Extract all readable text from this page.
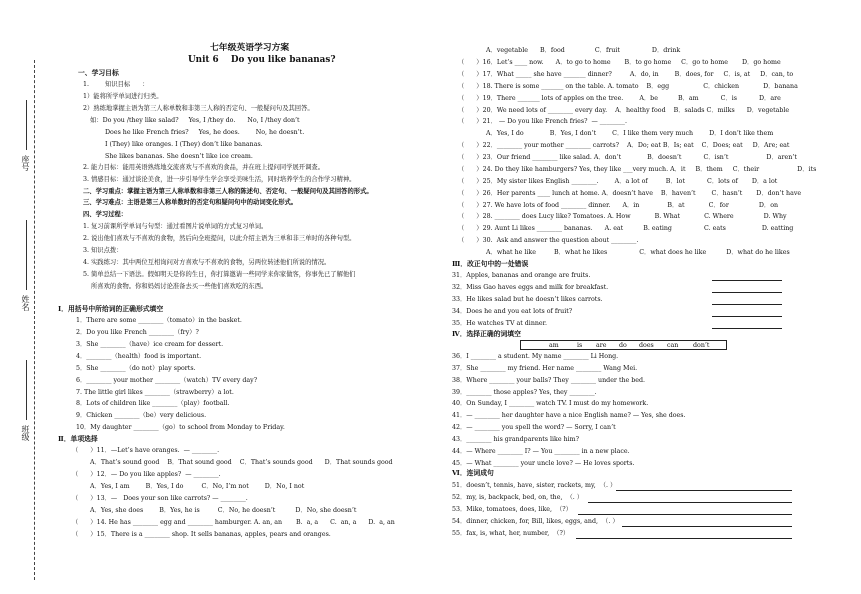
座号
姓名
班级
七年级英语学习方案
Unit 6    Do you like bananas?
一、学习目标
1.        知识目标      ：
1）能将所学单词进行归类。
2）熟练地掌握主语为第三人称单数和非第三人称的否定句、一般疑问句及其回答。
如：Do you /they like salad?     Yes, I /they do.      No, I /they don’t
Does he like French fries?     Yes, he does.        No, he doesn’t.
I (They) like oranges. I (They) don’t like bananas.
She likes bananas. She doesn’t like ice cream.
2. 能力目标：能用英语熟练地交流喜欢与不喜欢的食品，并在班上提问同学展开调查。
3. 情感目标：通过谈论美食，进一步引导学生学会享受美味生活，同时培养学生的合作学习精神。
二、学习重点：掌握主语为第三人称单数和非第三人称的陈述句、否定句、一般疑问句及其回答的形式。
三、学习难点：主语是第三人称单数时的否定句和疑问句中的动词变化形式。
四、学习过程：
1. 复习前课所学单词与句型：通过看图片说单词的方式复习单词。
2. 说出他们喜欢与不喜欢的食物，然后向全班提问，以此介绍主语为三单和非三单时的各种句型。
3. 知识点拨：
4. 实践练习：其中两位互相询问对方喜欢与不喜欢的食物，另两位转述他们所说的情况。
5. 简单总结一下语法。假如明天是你的生日，你打算邀请一些同学来你家做客，你事先已了解他们
所喜欢的食物。你和妈妈讨论准备去买一些他们喜欢吃的东西。
Ⅰ．用括号中所给词的正确形式填空
1．There are some ________（tomato）in the basket.
2．Do you like French ________（fry）?
3．She ________（have）ice cream for dessert.
4．________（health）food is important.
5．She ________（do not）play sports.
6．________ your mother ________（watch）TV every day?
7. The little girl likes ________（strawberry）a lot.
8．Lots of children like ________（play）football.
9．Chicken ________（be）very delicious.
10．My daughter ________（go）to school from Monday to Friday.
Ⅱ．单项选择
（      ）11．—Let’s have oranges.  — ________.
A．That’s sound good    B．That sound good    C．That’s sounds good      D．That sounds good
（      ）12．— Do you like apples?  — ________.
A．Yes, I am        B．Yes, I do         C．No, I’m not        D．No, I not
（      ）13．—   Does your son like carrots? — ________.
A．Yes, she does        B．Yes, he is         C．No, he doesn’t          D．No, she doesn’t
（      ）14. He has ________ egg and ________ hamburger. A. an, an       B.  a, a      C.  an, a      D.  a, an
（      ）15．There is a ________ shop. It sells bananas, apples, pears and oranges.
A．vegetable      B．food               C．fruit                D．drink
（      ）16．Let’s ____ now.      A．to go to home       B．to go home     C．go to home       D．go home
（      ）17．What _____ she have _______ dinner?         A．do, in        B．does, for     C．is, at     D．can, to
（      ）18. There is some _______ on the table. A. tomato    B．egg                 C．chicken            D．banana
（      ）19．There _______ lots of apples on the tree.        A．be          B．am           C．is           D．are
（      ）20．We need lots of ________ every day.    A．healthy food    B．salads C．milks      D．vegetable
（      ）21． — Do you like French fries?  — ________.
A．Yes, I do             B．Yes, I don’t        C．I like them very much        D．I don’t like them
（      ）22．________ your mother ________ carrots?    A．Do; eat B．Is; eat    C．Does; eat     D．Are; eat
（      ）23．Our friend ________ like salad. A．don’t             B．doesn’t           C．isn’t                   D．aren’t
（      ）24. Do they like hamburgers? Yes, they like ___very much. A．it     B．them     C．their                   D．its
（      ）25．My sister likes English ________.        A．a lot of         B．lot           C．lots of       D．a lot
（      ）26．Her parents ____ lunch at home. A．doesn’t have    B．haven’t        C．hasn’t       D．don’t have
（      ）27. We have lots of food ________ dinner.      A．in              B．at            C．for               D．on
（      ）28. ________ does Lucy like? Tomatoes. A. How            B. What            C. Where               D. Why
（      ）29. Aunt Li likes ________ bananas.      A. eat          B. eating                C. eats                  D. eatting
（      ）30.  Ask and answer the question about ________.
A．what he like         B．what he likes                C．what does he like          D．what do he likes
Ⅲ．改正句中的一处错误
31．Apples, bananas and orange are fruits.
32．Miss Gao haves eggs and milk for breakfast.
33．He likes salad but he doesn’t likes carrots.
34．Does he and you eat lots of fruit?
35．He watches TV at dinner.
Ⅳ．选择正确的词填空
36．I ________ a student. My name ________ Li Hong.
37．She ________ my friend. Her name ________ Wang Mei.
38．Where ________ your balls? They ________ under the bed.
39．________ those apples? Yes, they ________.
40．On Sunday, I ________ watch TV. I must do my homework.
41．— ________ her daughter have a nice English name? — Yes, she does.
42．— ________ you spell the word? — Sorry, I can’t
43．________ his grandparents like him?
44．— Where ________ I? — You ________ in a new place.
45．— What ________ your uncle love? — He loves sports.
Ⅵ．连词成句
51．doesn’t, tennis, have, sister, rackets, my,  （. ）
52．my, is, backpack, bed, on, the,  （. ）
53．Mike, tomatoes, does, like,  （?）
54．dinner, chicken, for, Bill, likes, eggs, and,  （. ）
55．fax, is, what, her, number,  （?）
am	is are do does can don’t
